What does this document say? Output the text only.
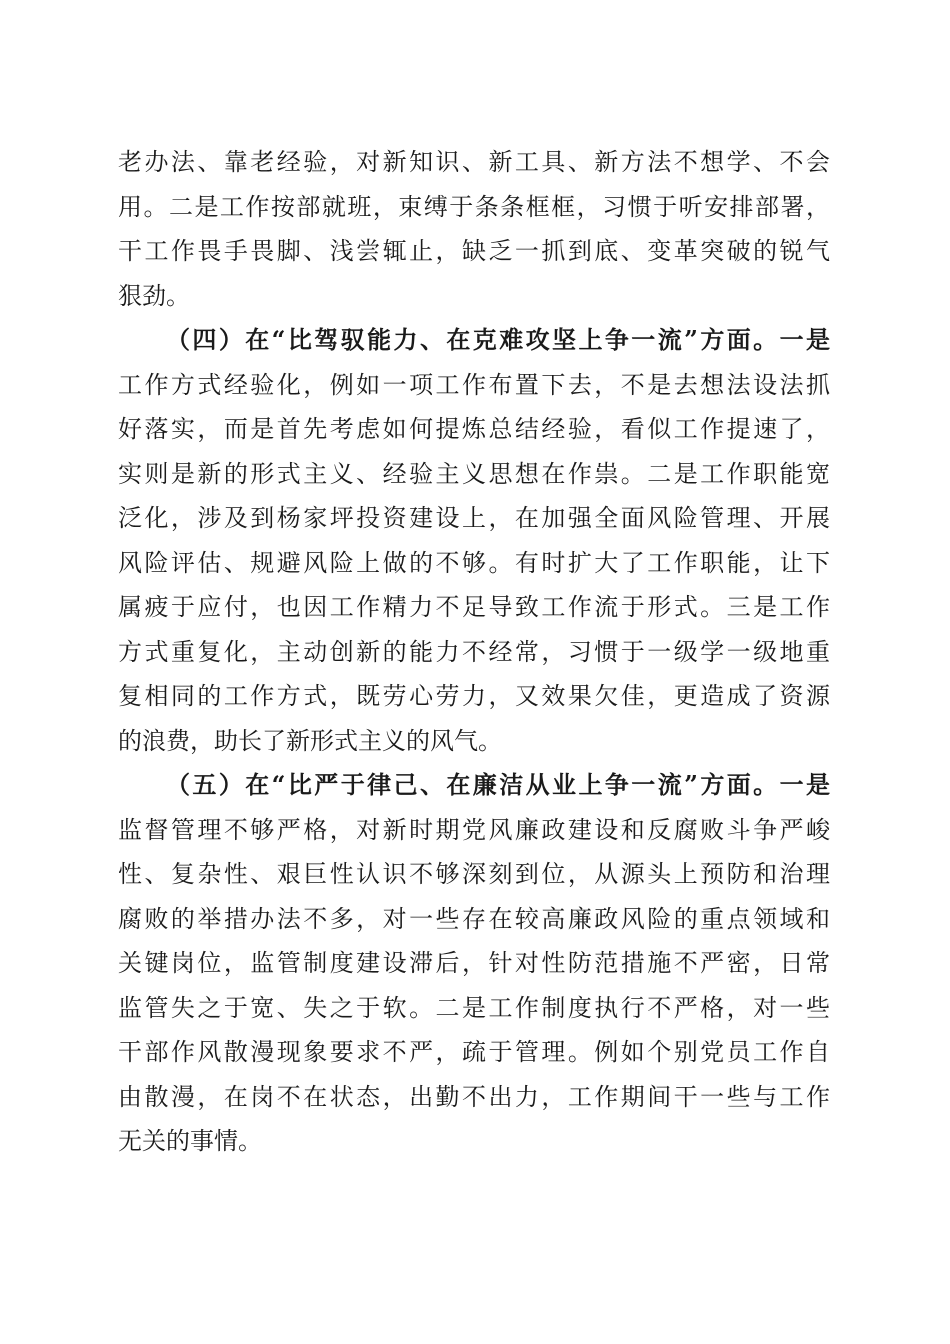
老办法、靠老经验，对新知识、新工具、新方法不想学、不会
用。二是工作按部就班，束缚于条条框框，习惯于听安排部署，
干工作畏手畏脚、浅尝辄止，缺乏一抓到底、变革突破的锐气
狠劲。
（四）在“比驾驭能力、在克难攻坚上争一流”方面。一是
工作方式经验化，例如一项工作布置下去，不是去想法设法抓
好落实，而是首先考虑如何提炼总结经验，看似工作提速了，
实则是新的形式主义、经验主义思想在作祟。二是工作职能宽
泛化，涉及到杨家坪投资建设上，在加强全面风险管理、开展
风险评估、规避风险上做的不够。有时扩大了工作职能，让下
属疲于应付，也因工作精力不足导致工作流于形式。三是工作
方式重复化，主动创新的能力不经常，习惯于一级学一级地重
复相同的工作方式，既劳心劳力，又效果欠佳，更造成了资源
的浪费，助长了新形式主义的风气。
（五）在“比严于律己、在廉洁从业上争一流”方面。一是
监督管理不够严格，对新时期党风廉政建设和反腐败斗争严峻
性、复杂性、艰巨性认识不够深刻到位，从源头上预防和治理
腐败的举措办法不多，对一些存在较高廉政风险的重点领域和
关键岗位，监管制度建设滞后，针对性防范措施不严密，日常
监管失之于宽、失之于软。二是工作制度执行不严格，对一些
干部作风散漫现象要求不严，疏于管理。例如个别党员工作自
由散漫，在岗不在状态，出勤不出力，工作期间干一些与工作
无关的事情。
